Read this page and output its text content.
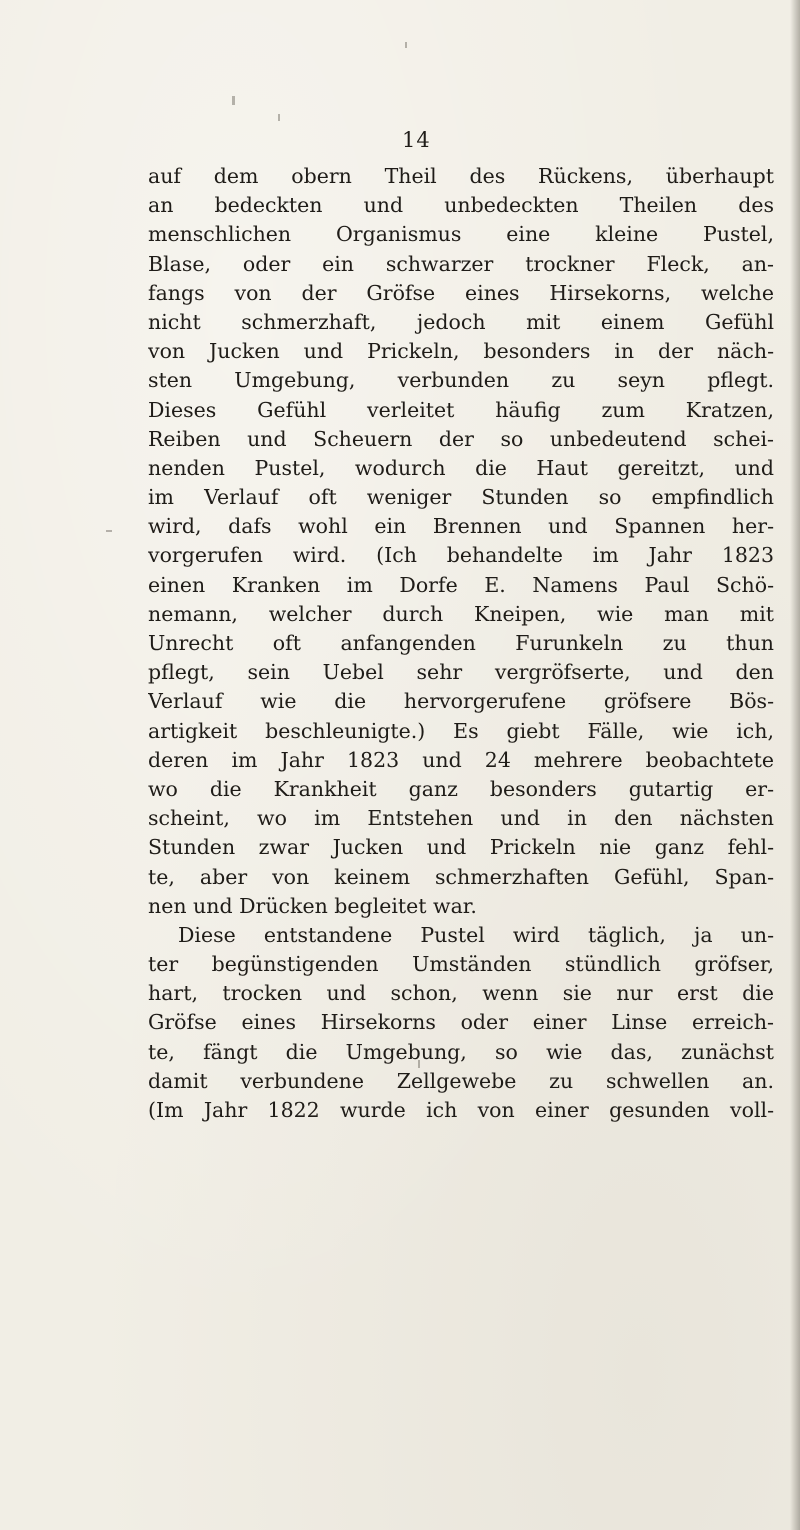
14
auf dem obern Theil des Rückens, überhaupt
an bedeckten und unbedeckten Theilen des
menschlichen Organismus eine kleine Pustel,
Blase, oder ein schwarzer trockner Fleck, an-
fangs von der Gröfse eines Hirsekorns, welche
nicht schmerzhaft, jedoch mit einem Gefühl
von Jucken und Prickeln, besonders in der näch-
sten Umgebung, verbunden zu seyn pflegt.
Dieses Gefühl verleitet häufig zum Kratzen,
Reiben und Scheuern der so unbedeutend schei-
nenden Pustel, wodurch die Haut gereitzt, und
im Verlauf oft weniger Stunden so empfindlich
wird, dafs wohl ein Brennen und Spannen her-
vorgerufen wird. (Ich behandelte im Jahr 1823
einen Kranken im Dorfe E. Namens Paul Schö-
nemann, welcher durch Kneipen, wie man mit
Unrecht oft anfangenden Furunkeln zu thun
pflegt, sein Uebel sehr vergröfserte, und den
Verlauf wie die hervorgerufene gröfsere Bös-
artigkeit beschleunigte.) Es giebt Fälle, wie ich,
deren im Jahr 1823 und 24 mehrere beobachtete
wo die Krankheit ganz besonders gutartig er-
scheint, wo im Entstehen und in den nächsten
Stunden zwar Jucken und Prickeln nie ganz fehl-
te, aber von keinem schmerzhaften Gefühl, Span-
nen und Drücken begleitet war.
Diese entstandene Pustel wird täglich, ja un-
ter begünstigenden Umständen stündlich gröfser,
hart, trocken und schon, wenn sie nur erst die
Gröfse eines Hirsekorns oder einer Linse erreich-
te, fängt die Umgebung, so wie das, zunächst
damit verbundene Zellgewebe zu schwellen an.
(Im Jahr 1822 wurde ich von einer gesunden voll-
